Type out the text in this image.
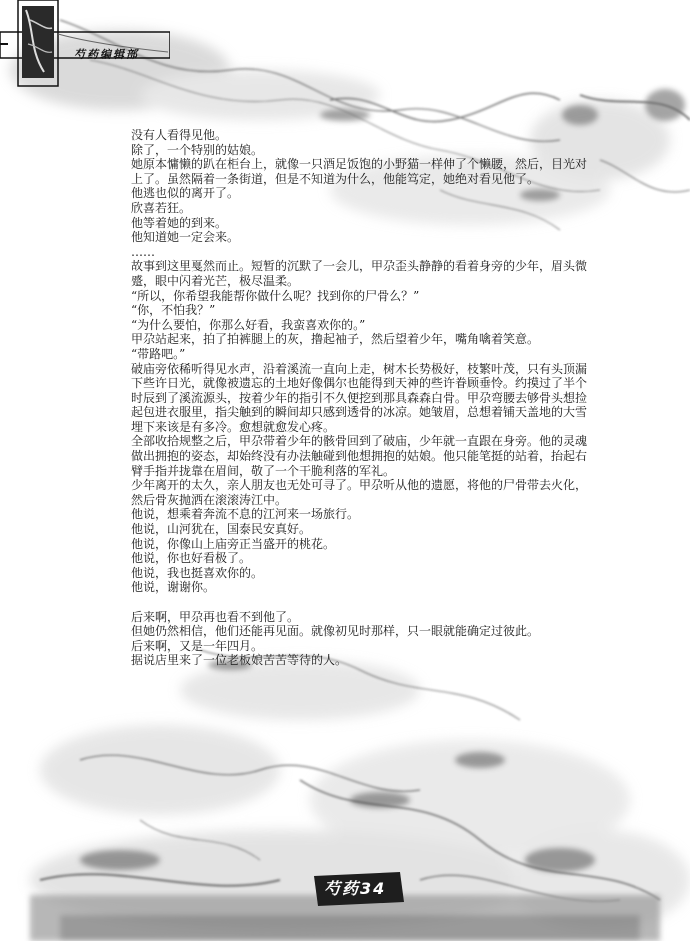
芍药编辑部

没有人看得见他。

除了，一个特别的姑娘。

她原本慵懒的趴在柜台上，就像一只酒足饭饱的小野猫一样伸了个懒腰，然后，目光对上了。虽然隔着一条街道，但是不知道为什么，他能笃定，她绝对看见他了。

他逃也似的离开了。

欣喜若狂。

他等着她的到来。

他知道她一定会来。

……

故事到这里戛然而止。短暂的沉默了一会儿，甲尕歪头静静的看着身旁的少年，眉头微蹙，眼中闪着光芒，极尽温柔。

“所以，你希望我能帮你做什么呢？找到你的尸骨么？”

“你，不怕我？”

“为什么要怕，你那么好看，我蛮喜欢你的。”

甲尕站起来，拍了拍裤腿上的灰，撸起袖子，然后望着少年，嘴角噙着笑意。

“带路吧。”

破庙旁依稀听得见水声，沿着溪流一直向上走，树木长势极好，枝繁叶茂，只有头顶漏下些许日光，就像被遗忘的土地好像偶尔也能得到天神的些许眷顾垂怜。约摸过了半个时辰到了溪流源头，按着少年的指引不久便挖到那具森森白骨。甲尕弯腰去够骨头想捡起包进衣服里，指尖触到的瞬间却只感到透骨的冰凉。她皱眉，总想着铺天盖地的大雪埋下来该是有多冷。愈想就愈发心疼。

全部收拾规整之后，甲尕带着少年的骸骨回到了破庙，少年就一直跟在身旁。他的灵魂做出拥抱的姿态，却始终没有办法触碰到他想拥抱的姑娘。他只能笔挺的站着，抬起右臂手指并拢靠在眉间，敬了一个干脆利落的军礼。

少年离开的太久，亲人朋友也无处可寻了。甲尕听从他的遗愿，将他的尸骨带去火化，然后骨灰抛洒在滚滚涛江中。

他说，想乘着奔流不息的江河来一场旅行。

他说，山河犹在，国泰民安真好。

他说，你像山上庙旁正当盛开的桃花。

他说，你也好看极了。

他说，我也挺喜欢你的。

他说，谢谢你。

后来啊，甲尕再也看不到他了。

但她仍然相信，他们还能再见面。就像初见时那样，只一眼就能确定过彼此。

后来啊，又是一年四月。

据说店里来了一位老板娘苦苦等待的人。

芍药34
